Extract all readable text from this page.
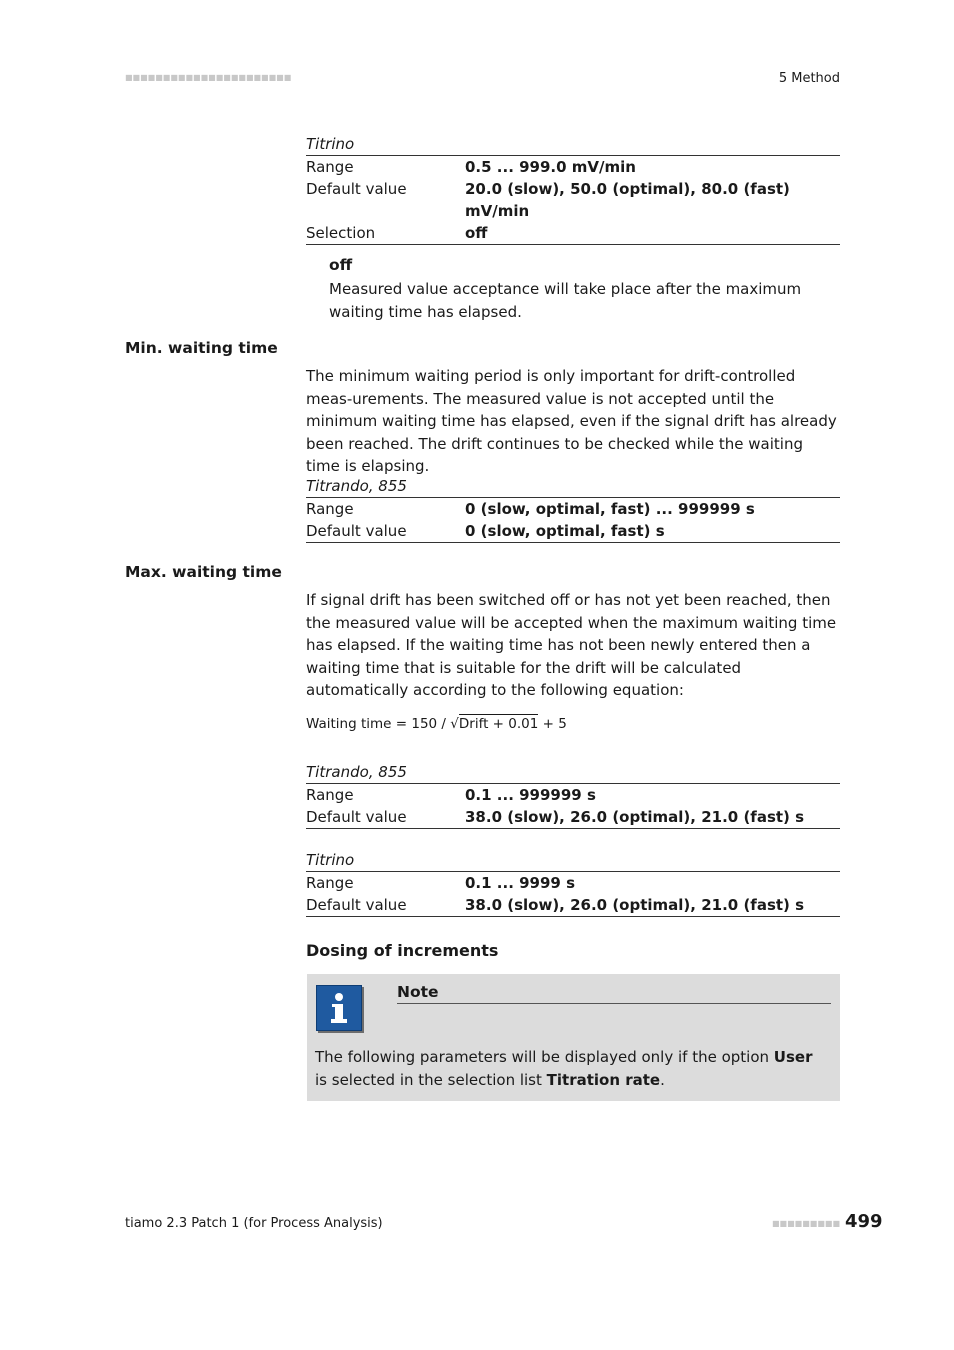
■■■■■■■■■■■■■■■■■■■■■■	5 Method
Titrino
Range	0.5 ... 999.0 mV/min
Default value	20.0 (slow), 50.0 (optimal), 80.0 (fast) mV/min
Selection	off
off
Measured value acceptance will take place after the maximum waiting time has elapsed.
Min. waiting time
The minimum waiting period is only important for drift-controlled meas-urements. The measured value is not accepted until the minimum waiting time has elapsed, even if the signal drift has already been reached. The drift continues to be checked while the waiting time is elapsing.
Titrando, 855
Range	0 (slow, optimal, fast) ... 999999 s
Default value	0 (slow, optimal, fast) s
Max. waiting time
If signal drift has been switched off or has not yet been reached, then the measured value will be accepted when the maximum waiting time has elapsed. If the waiting time has not been newly entered then a waiting time that is suitable for the drift will be calculated automatically according to the following equation:
Waiting time = 150 / √Drift + 0.01 + 5
Titrando, 855
Range	0.1 ... 999999 s
Default value	38.0 (slow), 26.0 (optimal), 21.0 (fast) s
Titrino
Range	0.1 ... 9999 s
Default value	38.0 (slow), 26.0 (optimal), 21.0 (fast) s
Dosing of increments
Note
The following parameters will be displayed only if the option User is selected in the selection list Titration rate.
tiamo 2.3 Patch 1 (for Process Analysis)	■■■■■■■■■ 499
